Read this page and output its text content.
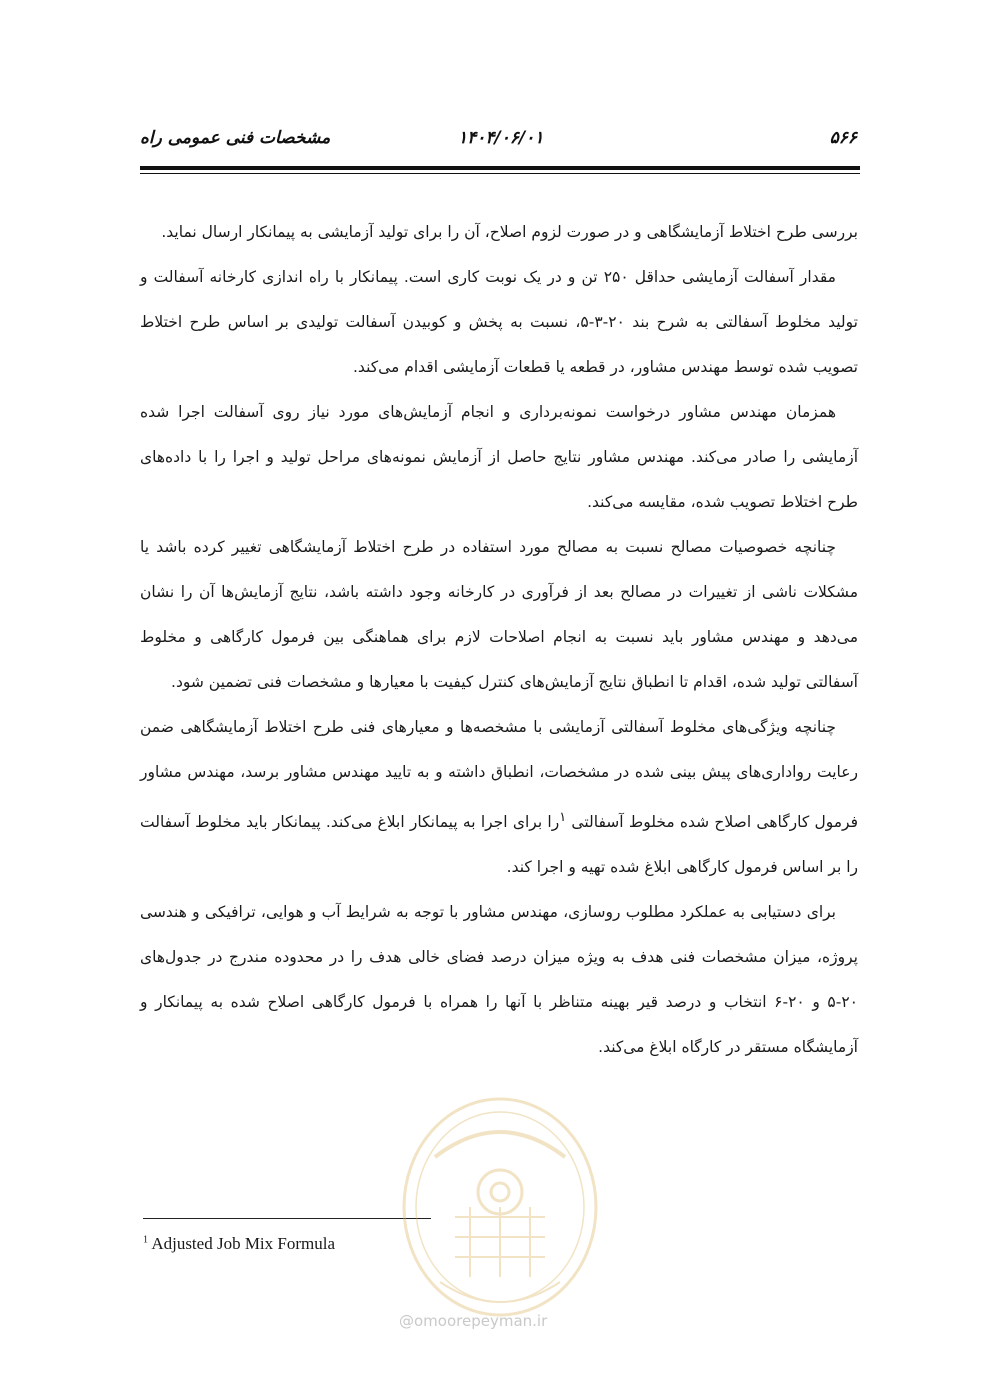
۵۶۶
۱۴۰۴/۰۶/۰۱
مشخصات فنی عمومی راه

بررسی طرح اختلاط آزمایشگاهی و در صورت لزوم اصلاح، آن را برای تولید آزمایشی به پیمانکار ارسال نماید.

مقدار آسفالت آزمایشی حداقل ۲۵۰ تن و در یک نوبت کاری است. پیمانکار با راه اندازی کارخانه آسفالت و تولید مخلوط آسفالتی به شرح بند ۲۰-۳-۵، نسبت به پخش و کوبیدن آسفالت تولیدی بر اساس طرح اختلاط تصویب شده توسط مهندس مشاور، در قطعه یا قطعات آزمایشی اقدام می‌کند.

همزمان مهندس مشاور درخواست نمونه‌برداری و انجام آزمایش‌های مورد نیاز روی آسفالت اجرا شده آزمایشی را صادر می‌کند. مهندس مشاور نتایج حاصل از آزمایش نمونه‌های مراحل تولید و اجرا را با داده‌های طرح اختلاط تصویب شده، مقایسه می‌کند.

چنانچه خصوصیات مصالح نسبت به مصالح مورد استفاده در طرح اختلاط آزمایشگاهی تغییر کرده باشد یا مشکلات ناشی از تغییرات در مصالح بعد از فرآوری در کارخانه وجود داشته باشد، نتایج آزمایش‌ها آن را نشان می‌دهد و مهندس مشاور باید نسبت به انجام اصلاحات لازم برای هماهنگی بین فرمول کارگاهی و مخلوط آسفالتی تولید شده، اقدام تا انطباق نتایج آزمایش‌های کنترل کیفیت با معیارها و مشخصات فنی تضمین شود.

چنانچه ویژگی‌های مخلوط آسفالتی آزمایشی با مشخصه‌ها و معیارهای فنی طرح اختلاط آزمایشگاهی ضمن رعایت رواداری‌های پیش بینی شده در مشخصات، انطباق داشته و به تایید مهندس مشاور برسد، مهندس مشاور فرمول کارگاهی اصلاح شده مخلوط آسفالتی $^۱$را برای اجرا به پیمانکار ابلاغ می‌کند. پیمانکار باید مخلوط آسفالت را بر اساس فرمول کارگاهی ابلاغ شده تهیه و اجرا کند.

برای دستیابی به عملکرد مطلوب روسازی، مهندس مشاور با توجه به شرایط آب و هوایی، ترافیکی و هندسی پروژه، میزان مشخصات فنی هدف به ویژه میزان درصد فضای خالی هدف را در محدوده مندرج در جدول‌های ۲۰-۵ و ۲۰-۶ انتخاب و درصد قیر بهینه متناظر با آنها را همراه با فرمول کارگاهی اصلاح شده به پیمانکار و آزمایشگاه مستقر در کارگاه ابلاغ می‌کند.

$^1$ Adjusted Job Mix Formula
@omoorepeyman.ir
